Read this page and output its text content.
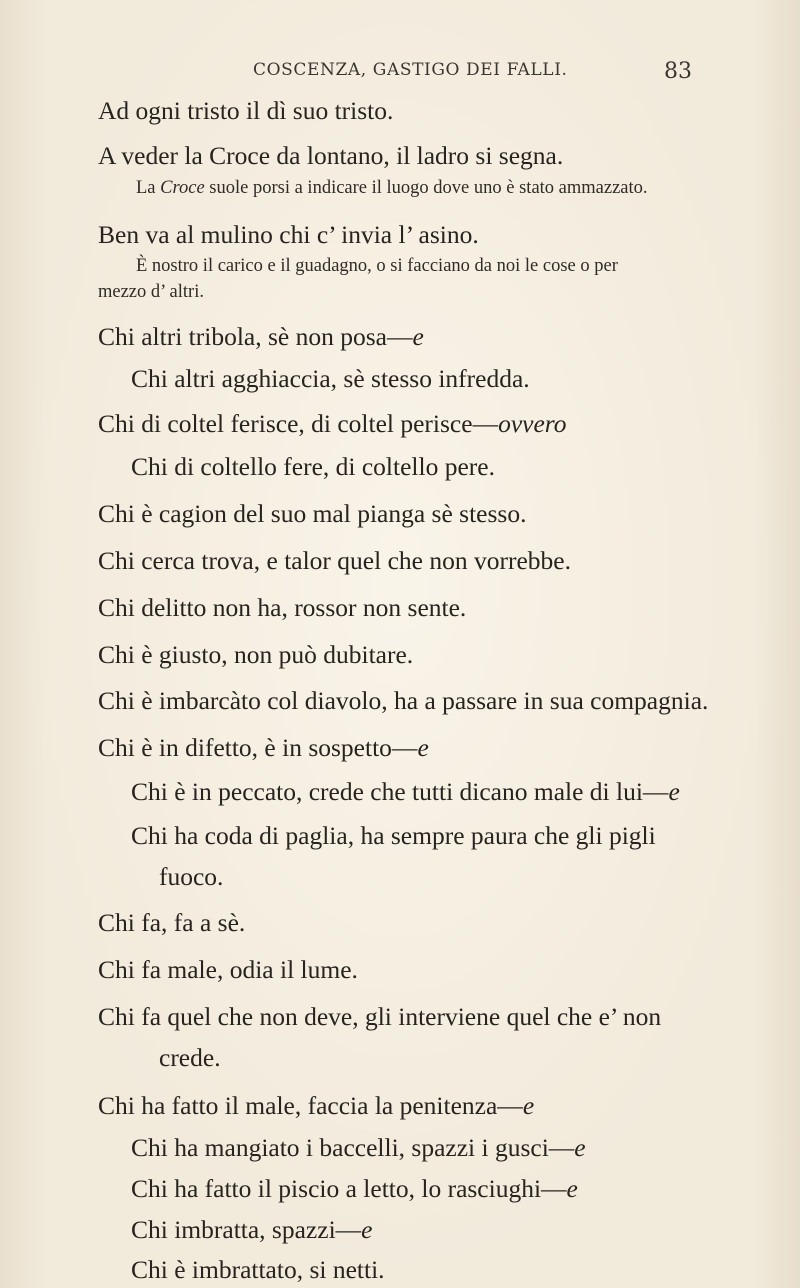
COSCENZA, GASTIGO DEI FALLI.	83
Ad ogni tristo il dì suo tristo.
A veder la Croce da lontano, il ladro si segna.
La Croce suole porsi a indicare il luogo dove uno è stato ammazzato.
Ben va al mulino chi c’ invia l’ asino.
È nostro il carico e il guadagno, o si facciano da noi le cose o per
mezzo d’ altri.
Chi altri tribola, sè non posa—e
Chi altri agghiaccia, sè stesso infredda.
Chi di coltel ferisce, di coltel perisce—ovvero
Chi di coltello fere, di coltello pere.
Chi è cagion del suo mal pianga sè stesso.
Chi cerca trova, e talor quel che non vorrebbe.
Chi delitto non ha, rossor non sente.
Chi è giusto, non può dubitare.
Chi è imbarcàto col diavolo, ha a passare in sua compagnia.
Chi è in difetto, è in sospetto—e
Chi è in peccato, crede che tutti dicano male di lui—e
Chi ha coda di paglia, ha sempre paura che gli pigli
fuoco.
Chi fa, fa a sè.
Chi fa male, odia il lume.
Chi fa quel che non deve, gli interviene quel che e’ non
crede.
Chi ha fatto il male, faccia la penitenza—e
Chi ha mangiato i baccelli, spazzi i gusci—e
Chi ha fatto il piscio a letto, lo rasciughi—e
Chi imbratta, spazzi—e
Chi è imbrattato, si netti.
